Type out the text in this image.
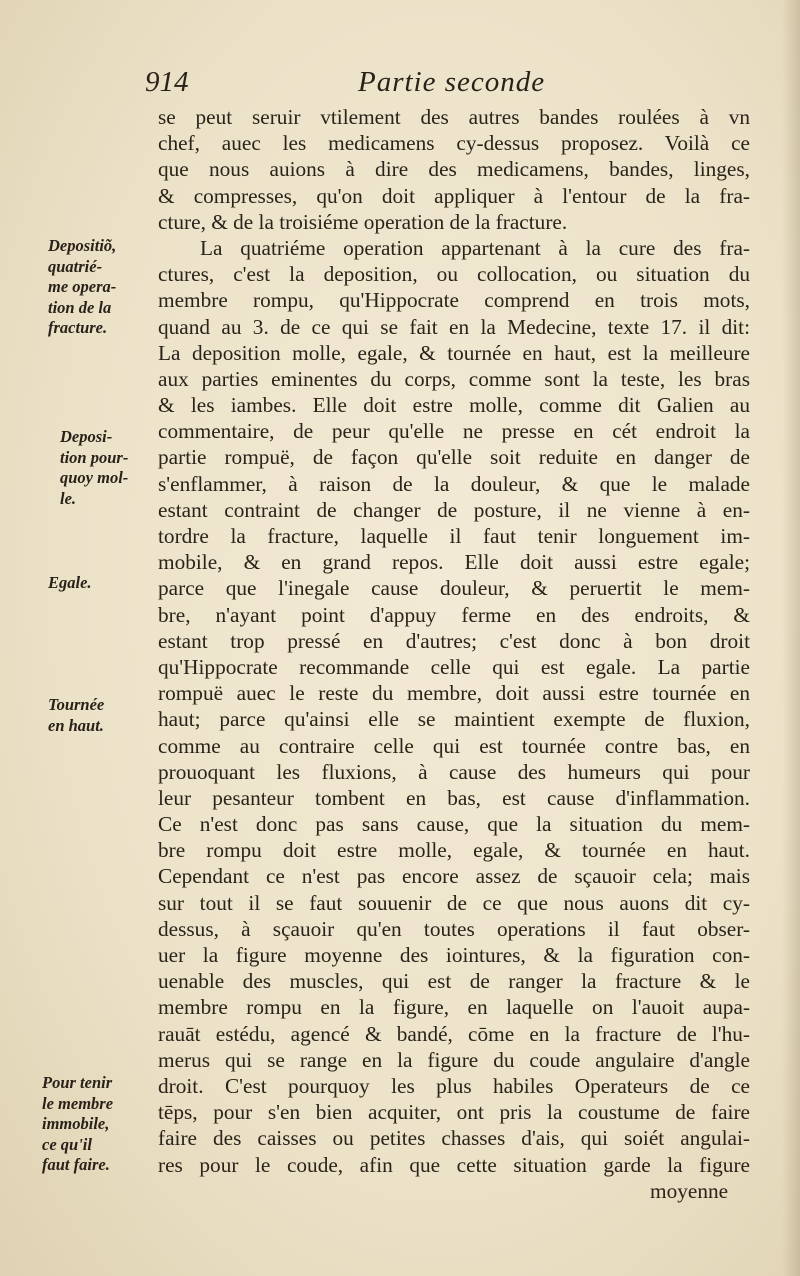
914	Partie seconde
Depositiõ,
quatrié-
me opera-
tion de la
fracture.
Deposi-
tion pour-
quoy mol-
le.
Egale.
Tournée
en haut.
Pour tenir
le membre
immobile,
ce qu'il
faut faire.
se peut seruir vtilement des autres bandes roulées à vn
chef, auec les medicamens cy-dessus proposez. Voilà ce
que nous auions à dire des medicamens, bandes, linges,
& compresses, qu'on doit appliquer à l'entour de la fra-
cture, & de la troisiéme operation de la fracture.
La quatriéme operation appartenant à la cure des fra-
ctures, c'est la deposition, ou collocation, ou situation du
membre rompu, qu'Hippocrate comprend en trois mots,
quand au 3. de ce qui se fait en la Medecine, texte 17. il dit:
La deposition molle, egale, & tournée en haut, est la meilleure
aux parties eminentes du corps, comme sont la teste, les bras
& les iambes. Elle doit estre molle, comme dit Galien au
commentaire, de peur qu'elle ne presse en cét endroit la
partie rompuë, de façon qu'elle soit reduite en danger de
s'enflammer, à raison de la douleur, & que le malade
estant contraint de changer de posture, il ne vienne à en-
tordre la fracture, laquelle il faut tenir longuement im-
mobile, & en grand repos. Elle doit aussi estre egale;
parce que l'inegale cause douleur, & peruertit le mem-
bre, n'ayant point d'appuy ferme en des endroits, &
estant trop pressé en d'autres; c'est donc à bon droit
qu'Hippocrate recommande celle qui est egale. La partie
rompuë auec le reste du membre, doit aussi estre tournée en
haut; parce qu'ainsi elle se maintient exempte de fluxion,
comme au contraire celle qui est tournée contre bas, en
prouoquant les fluxions, à cause des humeurs qui pour
leur pesanteur tombent en bas, est cause d'inflammation.
Ce n'est donc pas sans cause, que la situation du mem-
bre rompu doit estre molle, egale, & tournée en haut.
Cependant ce n'est pas encore assez de sçauoir cela; mais
sur tout il se faut souuenir de ce que nous auons dit cy-
dessus, à sçauoir qu'en toutes operations il faut obser-
uer la figure moyenne des iointures, & la figuration con-
uenable des muscles, qui est de ranger la fracture & le
membre rompu en la figure, en laquelle on l'auoit aupa-
rauāt estédu, agencé & bandé, cōme en la fracture de l'hu-
merus qui se range en la figure du coude angulaire d'angle
droit. C'est pourquoy les plus habiles Operateurs de ce
tēps, pour s'en bien acquiter, ont pris la coustume de faire
faire des caisses ou petites chasses d'ais, qui soiét angulai-
res pour le coude, afin que cette situation garde la figure
moyenne
